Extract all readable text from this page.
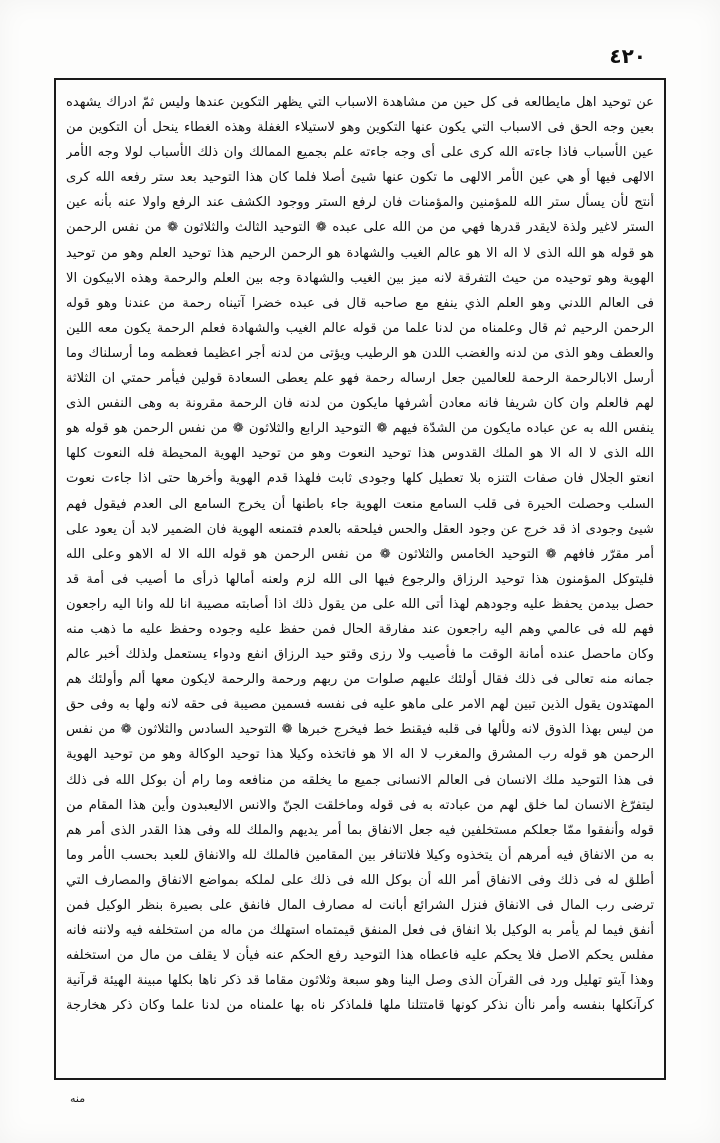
٤٢٠
عن توحيد اهل مايطالعه فى كل حين من مشاهدة الاسباب التي يظهر التكوين عندها وليس ثمّ ادراك يشهده بعين وجه الحق فى الاسباب التي يكون عنها التكوين وهو لاستيلاء الغفلة وهذه الغطاء ينحل أن التكوين من عين الأسباب فاذا جاءته الله كرى على أى وجه جاءته علم بجميع الممالك وان ذلك الأسباب لولا وجه الأمر الالهى فيها أو هي عين الأمر الالهى ما تكون عنها شيئ أصلا فلما كان هذا التوحيد بعد ستر رفعه الله كرى أنتج لأن يسأل ستر الله للمؤمنين والمؤمنات فان لرفع الستر ووجود الكشف عند الرفع واولا عنه بأنه عين الستر لاغير ولذة لايقدر قدرها فهي من من الله على عبده ❁ التوحيد الثالث والثلاثون ❁ من نفس الرحمن هو قوله هو الله الذى لا اله الا هو عالم الغيب والشهادة هو الرحمن الرحيم هذا توحيد العلم وهو من توحيد الهوية وهو توحيده من حيث التفرقة لانه ميز بين الغيب والشهادة وجه بين العلم والرحمة وهذه الابيكون الا فى العالم اللدني وهو العلم الذي ينفع مع صاحبه قال فى عبده خضرا آتيناه رحمة من عندنا وهو قوله الرحمن الرحيم ثم قال وعلمناه من لدنا علما من قوله عالم الغيب والشهادة فعلم الرحمة يكون معه اللين والعطف وهو الذى من لدنه والغضب اللدن هو الرطيب ويؤتى من لدنه أجر اعظيما فعظمه وما أرسلناك وما أرسل الابالرحمة الرحمة للعالمين جعل ارساله رحمة فهو علم يعطى السعادة قولين فيأمر حمتي ان الثلاثة لهم فالعلم وان كان شريفا فانه معادن أشرفها مايكون من لدنه فان الرحمة مقرونة به وهى النفس الذى ينفس الله به عن عباده مايكون من الشدّة فيهم ❁ التوحيد الرابع والثلاثون ❁ من نفس الرحمن هو قوله هو الله الذى لا اله الا هو الملك القدوس هذا توحيد النعوت وهو من توحيد الهوية المحيطة فله النعوت كلها انعتو الجلال فان صفات التنزه بلا تعطيل كلها وجودى ثابت فلهذا قدم الهوية وأخرها حتى اذا جاءت نعوت السلب وحصلت الحيرة فى قلب السامع منعت الهوية جاء باطنها أن يخرج السامع الى العدم فيقول فهم شيئ وجودى اذ قد خرج عن وجود العقل والحس فيلحقه بالعدم فتمنعه الهوية فان الضمير لابد أن يعود على أمر مقرّر فافهم ❁ التوحيد الخامس والثلاثون ❁ من نفس الرحمن هو قوله الله الا له الاهو وعلى الله فليتوكل المؤمنون هذا توحيد الرزاق والرجوع فيها الى الله لزم ولعنه أمالها ذرأى ما أصيب فى أمة قد حصل بيدمن يحفظ عليه وجودهم لهذا أتى الله على من يقول ذلك اذا أصابته مصيبة انا لله وانا اليه راجعون فهم لله فى عالمي وهم اليه راجعون عند مفارقة الحال فمن حفظ عليه وجوده وحفظ عليه ما ذهب منه وكان ماحصل عنده أمانة الوقت ما فأصيب ولا رزى وقتو حيد الرزاق انفع ودواء يستعمل ولذلك أخبر عالم جمانه منه تعالى فى ذلك فقال أولئك عليهم صلوات من ربهم ورحمة والرحمة لايكون معها ألم وأولئك هم المهتدون يقول الذين تبين لهم الامر على ماهو عليه فى نفسه فسمين مصيبة فى حقه لانه ولها به وفى حق من ليس بهذا الذوق لانه ولألها فى قلبه فيقنط خط فيخرج خبرها ❁ التوحيد السادس والثلاثون ❁ من نفس الرحمن هو قوله رب المشرق والمغرب لا اله الا هو فاتخذه وكيلا هذا توحيد الوكالة وهو من توحيد الهوية فى هذا التوحيد ملك الانسان فى العالم الانسانى جميع ما يخلقه من منافعه وما رام أن بوكل الله فى ذلك ليتفرّغ الانسان لما خلق لهم من عبادته به فى قوله وماخلقت الجنّ والانس الاليعبدون وأين هذا المقام من قوله وأنفقوا ممّا جعلكم مستخلفين فيه جعل الانفاق بما أمر يديهم والملك لله وفى هذا القدر الذى أمر هم به من الانفاق فيه أمرهم أن يتخذوه وكيلا فلاتنافر بين المقامين فالملك لله والانفاق للعبد بحسب الأمر وما أطلق له فى ذلك وفى الانفاق أمر الله أن بوكل الله فى ذلك على لملكه بمواضع الانفاق والمصارف التي ترضى رب المال فى الانفاق فنزل الشرائع أبانت له مصارف المال فانفق على بصيرة بنظر الوكيل فمن أنفق فيما لم يأمر به الوكيل بلا انفاق فى فعل المنفق قيمتماه استهلك من ماله من استخلفه فيه ولاننه فانه مفلس يحكم الاصل فلا يحكم عليه فاعطاه هذا التوحيد رفع الحكم عنه فيأن لا يقلف من مال من استخلفه وهذا آيتو تهليل ورد فى القرآن الذى وصل الينا وهو سبعة وثلاثون مقاما قد ذكر ناها بكلها مبينة الهيئة قرآنية كرآنكلها بنفسه وأمر ناأن نذكر كونها قامتتلنا ملها فلماذكر ناه بها علمناه من لدنا علما وكان ذكر هخارجة
منه
